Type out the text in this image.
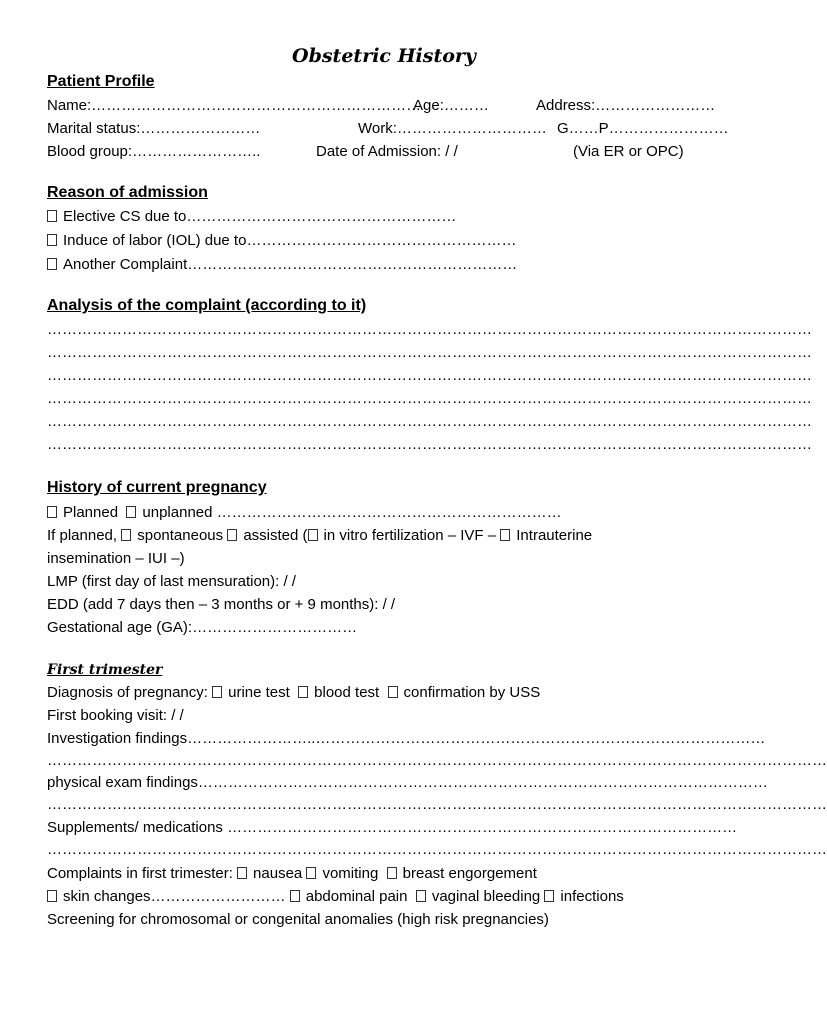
Obstetric History
Patient Profile
Name:…………………………………………………………
Age:………	Address:……………………
Marital status:……………………	Work:………………………… G……P……………………
Blood group:……………………..	Date of Admission: / /	(Via ER or OPC)
Reason of admission
Elective CS due to………………………………………………
Induce of labor (IOL) due to………………………………………………
Another Complaint…………………………………………………………
Analysis of the complaint (according to it)
………………………………………………………………………………………………………………………………………
………………………………………………………………………………………………………………………………………
………………………………………………………………………………………………………………………………………
………………………………………………………………………………………………………………………………………
………………………………………………………………………………………………………………………………………
………………………………………………………………………………………………………………………………………
History of current pregnancy
Planned unplanned ……………………………………………………………
If planned, spontaneous assisted ( in vitro fertilization – IVF – Intrauterine
insemination – IUI –)
LMP (first day of last mensuration): / /
EDD (add 7 days then – 3 months or + 9 months): / /
Gestational age (GA):……………………………
First trimester
Diagnosis of pregnancy: urine test blood test confirmation by USS
First booking visit: / /
Investigation findings……………………..………………………………………………………………………………
…………………………………………………………………………………………………………………………………………
physical exam findings……………………………………………………………………………………………………
…………………………………………………………………………………………………………………………………………
Supplements/ medications …………………………………………………………………………………………
…………………………………………………………………………………………………………………………………………
Complaints in first trimester: nausea vomiting breast engorgement
skin changes……………………… abdominal pain vaginal bleeding infections
Screening for chromosomal or congenital anomalies (high risk pregnancies)
